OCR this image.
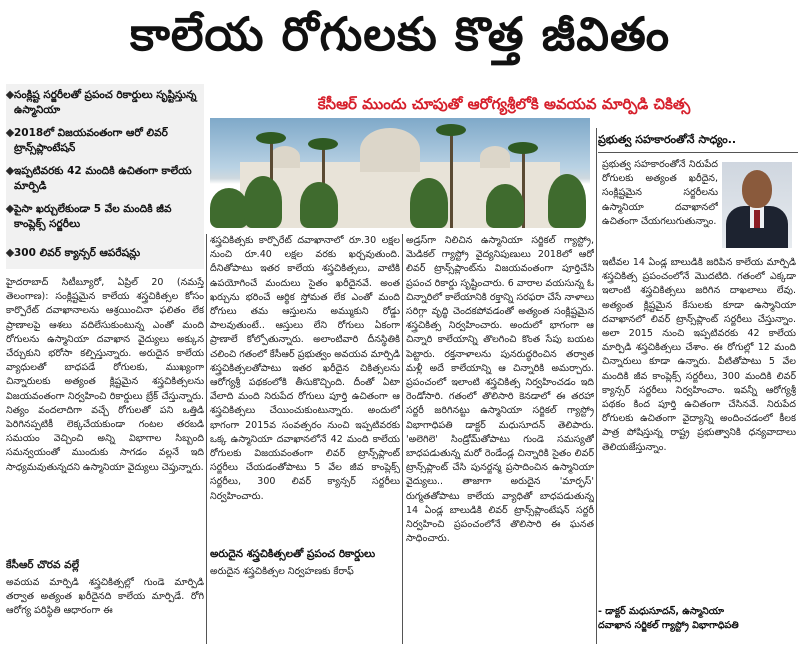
కాలేయ రోగులకు కొత్త జీవితం
సంక్లిష్ట సర్జరీలతో ప్రపంచ రికార్డులు సృష్టిస్తున్న ఉస్మానియా
2018లో విజయవంతంగా ఆరో లివర్ ట్రాన్స్‌ప్లాంటేషన్
ఇప్పటివరకు 42 మందికి ఉచితంగా కాలేయ మార్పిడి
పైసా ఖర్చులేకుండా 5 వేల మందికి జీవ కాంప్లెక్స్ సర్జరీలు
300 లివర్ క్యాన్సర్ ఆపరేషన్లు
కేసీఆర్ ముందు చూపుతో ఆరోగ్యశ్రీలోకి అవయవ మార్పిడి చికిత్స

హైదరాబాద్ సిటీబ్యూరో, ఏప్రిల్ 20 (నమస్తే తెలంగాణ): సంక్లిష్టమైన కాలేయ శస్త్రచికిత్సల కోసం కార్పొరేట్ దవాఖానాలను ఆశ్రయించినా ఫలితం లేక ప్రాణాలపై ఆశలు వదిలేసుకుంటున్న ఎంతో మంది రోగులను ఉస్మానియా దవాఖాన వైద్యులు అక్కున చేర్చుకుని భరోసా కల్పిస్తున్నారు. అరుదైన కాలేయ వ్యాధులతో బాధపడే రోగులకు, ముఖ్యంగా చిన్నారులకు అత్యంత క్లిష్టమైన శస్త్రచికిత్సలను విజయవంతంగా నిర్వహించి రికార్డులు బ్రేక్ చేస్తున్నారు. నిత్యం వందలాదిగా వచ్చే రోగులతో పని ఒత్తిడి పెరిగినప్పటికీ లెక్కచేయకుండా గంటల తరబడి సమయం వెచ్చించి అన్ని విభాగాల సిబ్బంది సమన్వయంతో ముందుకు సాగడం వల్లనే ఇది సాధ్యమవుతున్నదని ఉస్మానియా వైద్యులు చెప్తున్నారు.

కేసీఆర్ చొరవ వల్లే

అవయవ మార్పిడి శస్త్రచికిత్సల్లో గుండె మార్పిడి తర్వాత అత్యంత ఖరీదైనది కాలేయ మార్పిడే. రోగి ఆరోగ్య పరిస్థితి ఆధారంగా ఈ

శస్త్రచికిత్సకు కార్పొరేట్ దవాఖానాలో రూ.30 లక్షల నుంచి రూ.40 లక్షల వరకు ఖర్చవుతుంది. దీనితోపాటు ఇతర కాలేయ శస్త్రచికిత్సలు, వాటికి ఉపయోగించే మందులు సైతం ఖరీదైనవే. అంత ఖర్చును భరించే ఆర్థిక స్తోమత లేక ఎంతో మంది రోగులు తమ ఆస్తులను అమ్ముకుని రోడ్డు పాలవుతుంటే.. ఆస్తులు లేని రోగులు ఏకంగా ప్రాణాలే కోల్పోతున్నారు. అలాంటివారి దీనస్థితికి చలించి గతంలో కేసీఆర్ ప్రభుత్వం అవయవ మార్పిడి శస్త్రచికిత్సలతోపాటు ఇతర ఖరీదైన చికిత్సలను ఆరోగ్యశ్రీ పథకంలోకి తీసుకొచ్చింది. దీంతో ఏటా వేలాది మంది నిరుపేద రోగులు పూర్తి ఉచితంగా ఆ శస్త్రచికిత్సలు చేయించుకుంటున్నారు. అందులో భాగంగా 2015వ సంవత్సరం నుంచి ఇప్పటివరకు ఒక్క ఉస్మానియా దవాఖానలోనే 42 మంది కాలేయ రోగులకు విజయవంతంగా లివర్ ట్రాన్స్‌ప్లాంట్ సర్జరీలు చేయడంతోపాటు 5 వేల జీవ కాంప్లెక్స్ సర్జరీలు, 300 లివర్ క్యాన్సర్ సర్జరీలు నిర్వహించారు.

అరుదైన శస్త్రచికిత్సలతో ప్రపంచ రికార్డులు

అరుదైన శస్త్రచికిత్సల నిర్వహణకు కేరాఫ్

అడ్రస్‌గా నిలిచిన ఉస్మానియా సర్జికల్ గ్యాస్ట్రో, మెడికల్ గ్యాస్ట్రో వైద్యనిపుణులు 2018లో ఆరో లివర్ ట్రాన్స్‌ప్లాంట్‌ను విజయవంతంగా పూర్తిచేసి ప్రపంచ రికార్డు సృష్టించారు. 6 వారాల వయసున్న ఓ చిన్నారిలో కాలేయానికి రక్తాన్ని సరఫరా చేసే నాళాలు సరిగ్గా వృద్ధి చెందకపోవడంతో అత్యంత సంక్లిష్టమైన శస్త్రచికిత్స నిర్వహించారు. అందులో భాగంగా ఆ చిన్నారి కాలేయాన్ని తొలగించి కొంత సేపు బయట పెట్టారు. రక్తనాళాలను పునరుద్ధరించిన తర్వాత మళ్లీ అదే కాలేయాన్ని ఆ చిన్నారికి అమర్చారు. ప్రపంచంలో ఇలాంటి శస్త్రచికిత్స నిర్వహించడం ఇది రెండోసారి. గతంలో తొలిసారి కెనడాలో ఈ తరహా సర్జరీ జరిగినట్టు ఉస్మానియా సర్జికల్ గ్యాస్ట్రో విభాగాధిపతి డాక్టర్ మధుసూదన్ తెలిపారు. 'అలెగిలె' సిండ్రోమ్‌తోపాటు గుండె సమస్యతో బాధపడుతున్న మరో రెండేండ్ల చిన్నారికి సైతం లివర్ ట్రాన్స్‌ప్లాంట్ చేసి పునర్జన్మ ప్రసాదించిన ఉస్మానియా వైద్యులు.. తాజాగా అరుదైన 'మార్ఫస్' రుగ్మతతోపాటు కాలేయ వ్యాధితో బాధపడుతున్న 14 ఏండ్ల బాలుడికి లివర్ ట్రాన్స్‌ప్లాంటేషన్ సర్జరీ నిర్వహించి ప్రపంచంలోనే తొలిసారి ఈ ఘనత సాధించారు.

ప్రభుత్వ సహకారంతోనే సాధ్యం..

ప్రభుత్వ సహకారంతోనే నిరుపేద రోగులకు అత్యంత ఖరీదైన, సంక్లిష్టమైన సర్జరీలను ఉస్మానియా దవాఖానలో ఉచితంగా చేయగలుగుతున్నాం.

ఇటీవల 14 ఏండ్ల బాలుడికి జరిపిన కాలేయ మార్పిడి శస్త్రచికిత్స ప్రపంచంలోనే మొదటిది. గతంలో ఎక్కడా ఇలాంటి శస్త్రచికిత్సలు జరిగిన దాఖలాలు లేవు. అత్యంత క్లిష్టమైన కేసులకు కూడా ఉస్మానియా దవాఖానలో లివర్ ట్రాన్స్‌ప్లాంట్ సర్జరీలు చేస్తున్నాం. అలా 2015 నుంచి ఇప్పటివరకు 42 కాలేయ మార్పిడి శస్త్రచికిత్సలు చేశాం. ఈ రోగుల్లో 12 మంది చిన్నారులు కూడా ఉన్నారు. వీటితోపాటు 5 వేల మందికి జీవ కాంప్లెక్స్ సర్జరీలు, 300 మందికి లివర్ క్యాన్సర్ సర్జరీలు నిర్వహించాం. ఇవన్నీ ఆరోగ్యశ్రీ పథకం కింద పూర్తి ఉచితంగా చేసినవే. నిరుపేద రోగులకు ఉచితంగా వైద్యాన్ని అందించడంలో కీలక పాత్ర పోషిస్తున్న రాష్ట్ర ప్రభుత్వానికి ధన్యవాదాలు తెలియజేస్తున్నాం.

- డాక్టర్ మధుసూదన్, ఉస్మానియా
దవాఖాన సర్జికల్ గ్యాస్ట్రో విభాగాధిపతి
